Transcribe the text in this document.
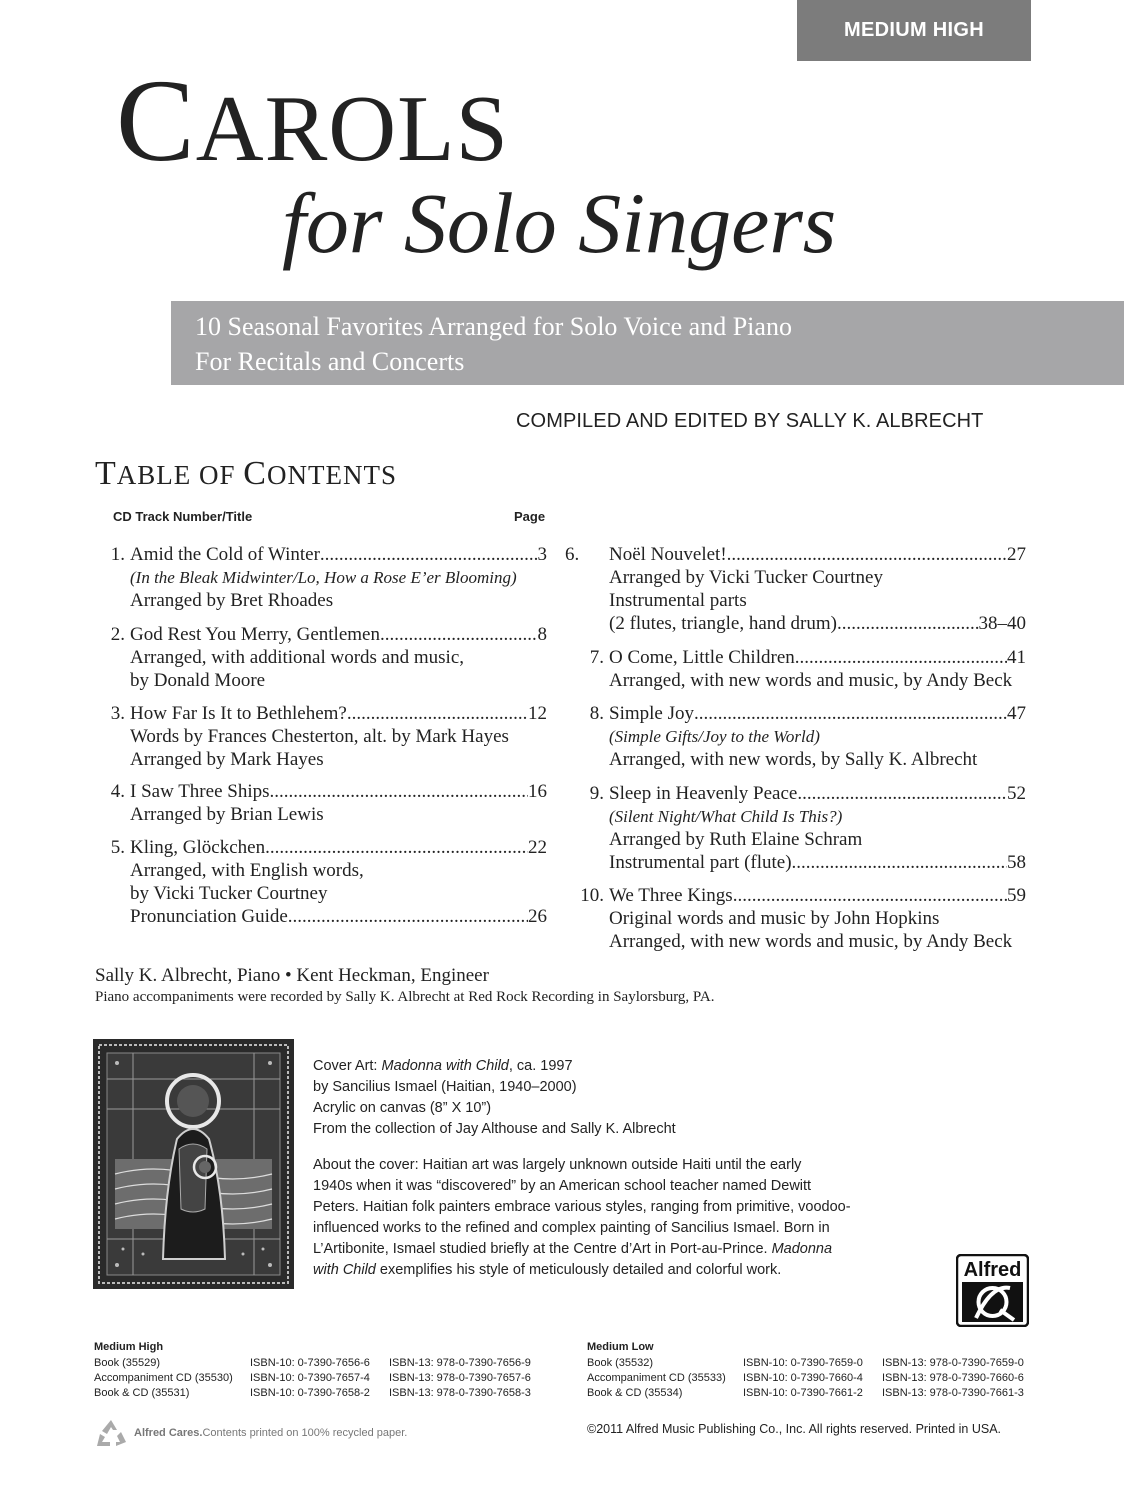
MEDIUM HIGH
CAROLS
for Solo Singers
10 Seasonal Favorites Arranged for Solo Voice and Piano
For Recitals and Concerts
COMPILED AND EDITED BY SALLY K. ALBRECHT
TABLE OF CONTENTS
CD Track Number/Title	Page
1. Amid the Cold of Winter .....	3
(In the Bleak Midwinter/Lo, How a Rose E’er Blooming)
Arranged by Bret Rhoades
2. God Rest You Merry, Gentlemen .....	8
Arranged, with additional words and music,
by Donald Moore
3. How Far Is It to Bethlehem? .....	12
Words by Frances Chesterton, alt. by Mark Hayes
Arranged by Mark Hayes
4. I Saw Three Ships .....	16
Arranged by Brian Lewis
5. Kling, Glöckchen .....	22
Arranged, with English words,
by Vicki Tucker Courtney
Pronunciation Guide .....	26
6.	Noël Nouvelet! .....	27
Arranged by Vicki Tucker Courtney
Instrumental parts
(2 flutes, triangle, hand drum) .....	38–40
7. O Come, Little Children .....	41
Arranged, with new words and music, by Andy Beck
8. Simple Joy .....	47
(Simple Gifts/Joy to the World)
Arranged, with new words, by Sally K. Albrecht
9. Sleep in Heavenly Peace .....	52
(Silent Night/What Child Is This?)
Arranged by Ruth Elaine Schram
Instrumental part (flute) .....	58
10. We Three Kings .....	59
Original words and music by John Hopkins
Arranged, with new words and music, by Andy Beck
Sally K. Albrecht, Piano • Kent Heckman, Engineer
Piano accompaniments were recorded by Sally K. Albrecht at Red Rock Recording in Saylorsburg, PA.
Cover Art: Madonna with Child, ca. 1997
by Sancilius Ismael (Haitian, 1940–2000)
Acrylic on canvas (8” X 10”)
From the collection of Jay Althouse and Sally K. Albrecht
About the cover: Haitian art was largely unknown outside Haiti until the early
1940s when it was “discovered” by an American school teacher named Dewitt
Peters. Haitian folk painters embrace various styles, ranging from primitive, voodoo-
influenced works to the refined and complex painting of Sancilius Ismael. Born in
L’Artibonite, Ismael studied briefly at the Centre d’Art in Port-au-Prince. Madonna
with Child exemplifies his style of meticulously detailed and colorful work.	Alfred
Medium High
Book (35529)	ISBN-10: 0-7390-7656-6 ISBN-13: 978-0-7390-7656-9
Accompaniment CD (35530) ISBN-10: 0-7390-7657-4 ISBN-13: 978-0-7390-7657-6
Book & CD (35531)	ISBN-10: 0-7390-7658-2 ISBN-13: 978-0-7390-7658-3
Medium Low
Book (35532)	ISBN-10: 0-7390-7659-0 ISBN-13: 978-0-7390-7659-0
Accompaniment CD (35533) ISBN-10: 0-7390-7660-4 ISBN-13: 978-0-7390-7660-6
Book & CD (35534)	ISBN-10: 0-7390-7661-2 ISBN-13: 978-0-7390-7661-3
Alfred Cares. Contents printed on 100% recycled paper.	©2011 Alfred Music Publishing Co., Inc. All rights reserved. Printed in USA.
